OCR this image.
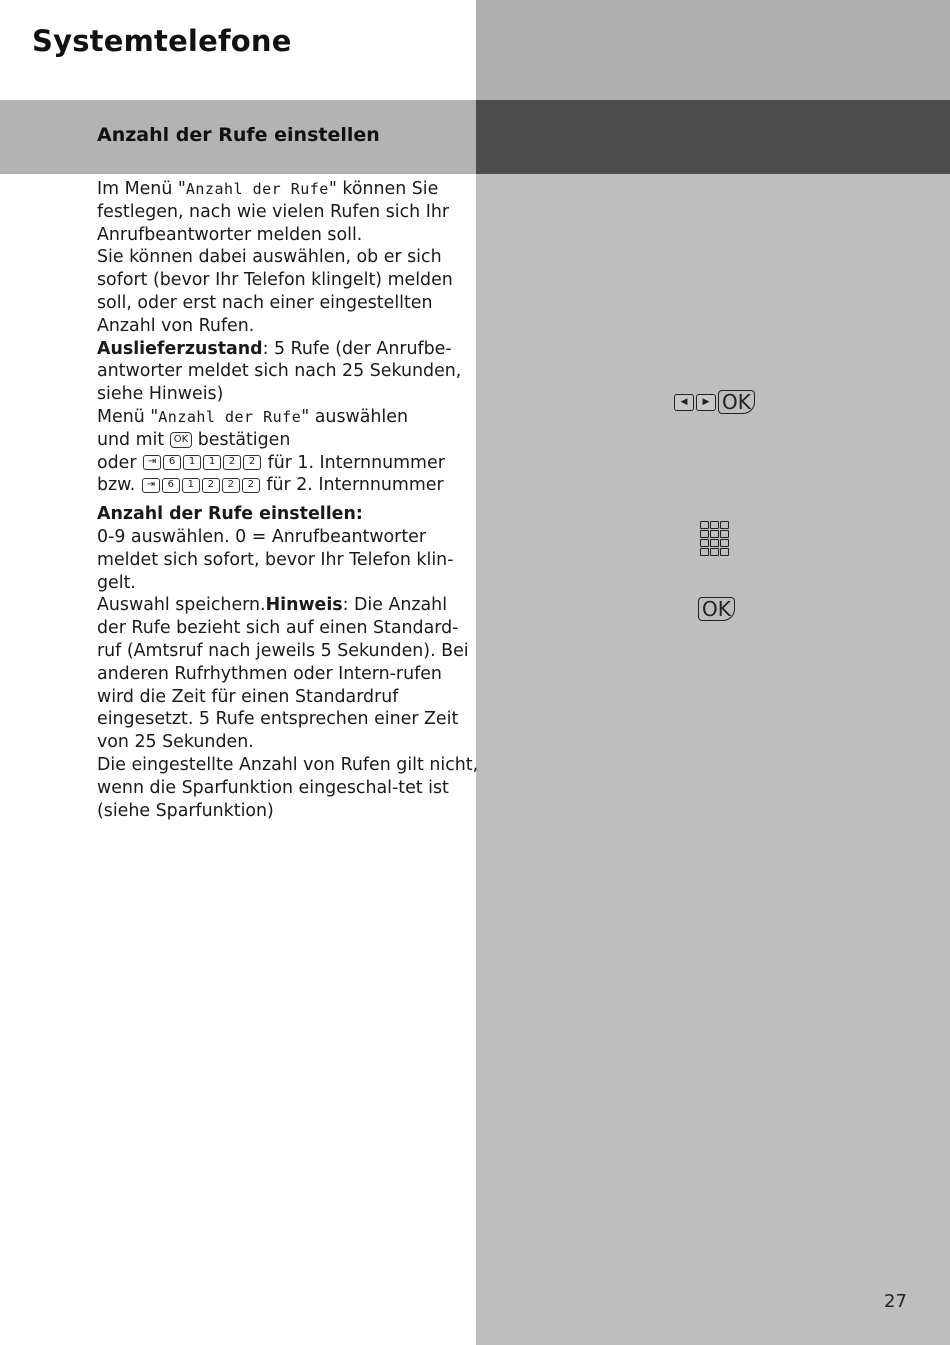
Systemtelefone
Anzahl der Rufe einstellen

Im Menü "Anzahl der Rufe" können Sie festlegen, nach wie vielen Rufen sich Ihr Anrufbeantworter melden soll.

Sie können dabei auswählen, ob er sich sofort (bevor Ihr Telefon klingelt) melden soll, oder erst nach einer eingestellten Anzahl von Rufen.

Auslieferzustand: 5 Rufe (der Anrufbe-antworter meldet sich nach 25 Sekunden, siehe Hinweis)

Menü "Anzahl der Rufe" auswählen

und mit OK bestätigen

oder ⇥ 6 1 1 2 2 für 1. Internnummer

bzw. ⇥ 6 1 2 2 2 für 2. Internnummer

Anzahl der Rufe einstellen:

0-9 auswählen. 0 = Anrufbeantworter meldet sich sofort, bevor Ihr Telefon klin-gelt.

Auswahl speichern.Hinweis: Die Anzahl der Rufe bezieht sich auf einen Standard-ruf (Amtsruf nach jeweils 5 Sekunden). Bei anderen Rufrhythmen oder Intern-rufen wird die Zeit für einen Standardruf eingesetzt. 5 Rufe entsprechen einer Zeit von 25 Sekunden.

Die eingestellte Anzahl von Rufen gilt nicht, wenn die Sparfunktion eingeschal-tet ist (siehe Sparfunktion)

◀	▶ OK
OK
27
